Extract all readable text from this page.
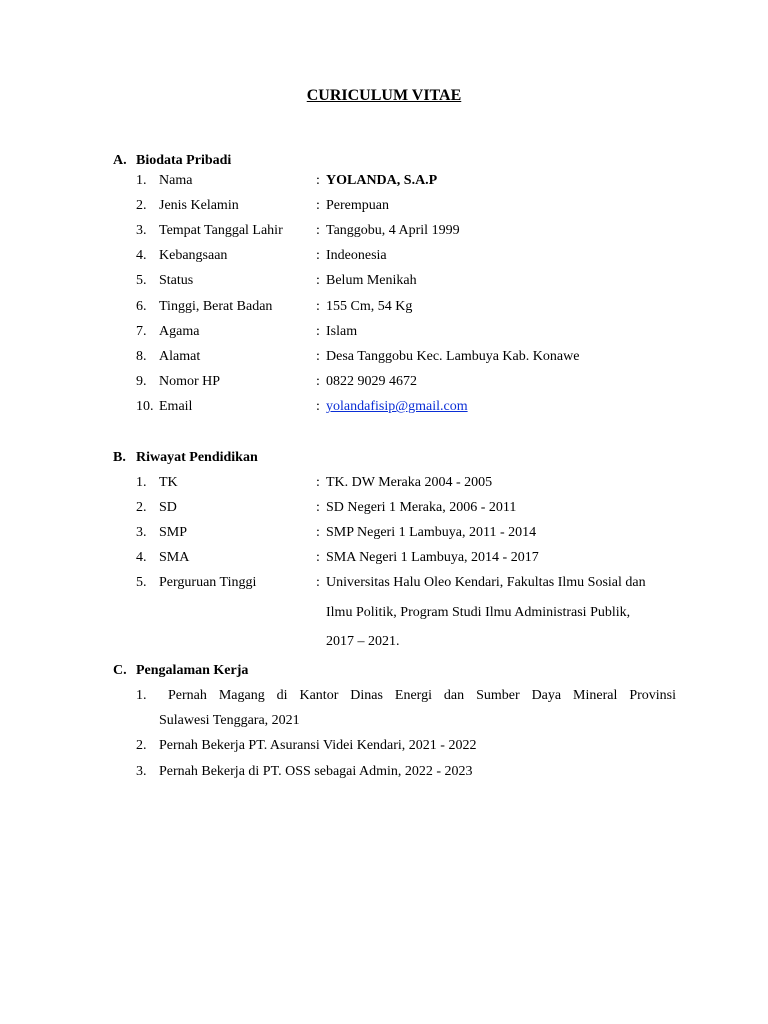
CURICULUM VITAE
A. Biodata Pribadi
1. Nama	: YOLANDA, S.A.P
2. Jenis Kelamin	: Perempuan
3. Tempat Tanggal Lahir : Tanggobu, 4 April 1999
4. Kebangsaan	: Indeonesia
5. Status	: Belum Menikah
6. Tinggi, Berat Badan	: 155 Cm, 54 Kg
7. Agama	: Islam
8. Alamat	: Desa Tanggobu Kec. Lambuya Kab. Konawe
9. Nomor HP	: 0822 9029 4672
10. Email	: yolandafisip@gmail.com
B. Riwayat Pendidikan
1. TK	: TK. DW Meraka 2004 - 2005
2. SD	: SD Negeri 1 Meraka, 2006 - 2011
3. SMP	: SMP Negeri 1 Lambuya, 2011 - 2014
4. SMA	: SMA Negeri 1 Lambuya, 2014 - 2017
5. Perguruan Tinggi	: Universitas Halu Oleo Kendari, Fakultas Ilmu Sosial dan
Ilmu Politik, Program Studi Ilmu Administrasi Publik,
2017 – 2021.
C. Pengalaman Kerja
1. Pernah Magang di Kantor Dinas Energi dan Sumber Daya Mineral Provinsi
Sulawesi Tenggara, 2021
2. Pernah Bekerja PT. Asuransi Videi Kendari, 2021 - 2022
3. Pernah Bekerja di PT. OSS sebagai Admin, 2022 - 2023
